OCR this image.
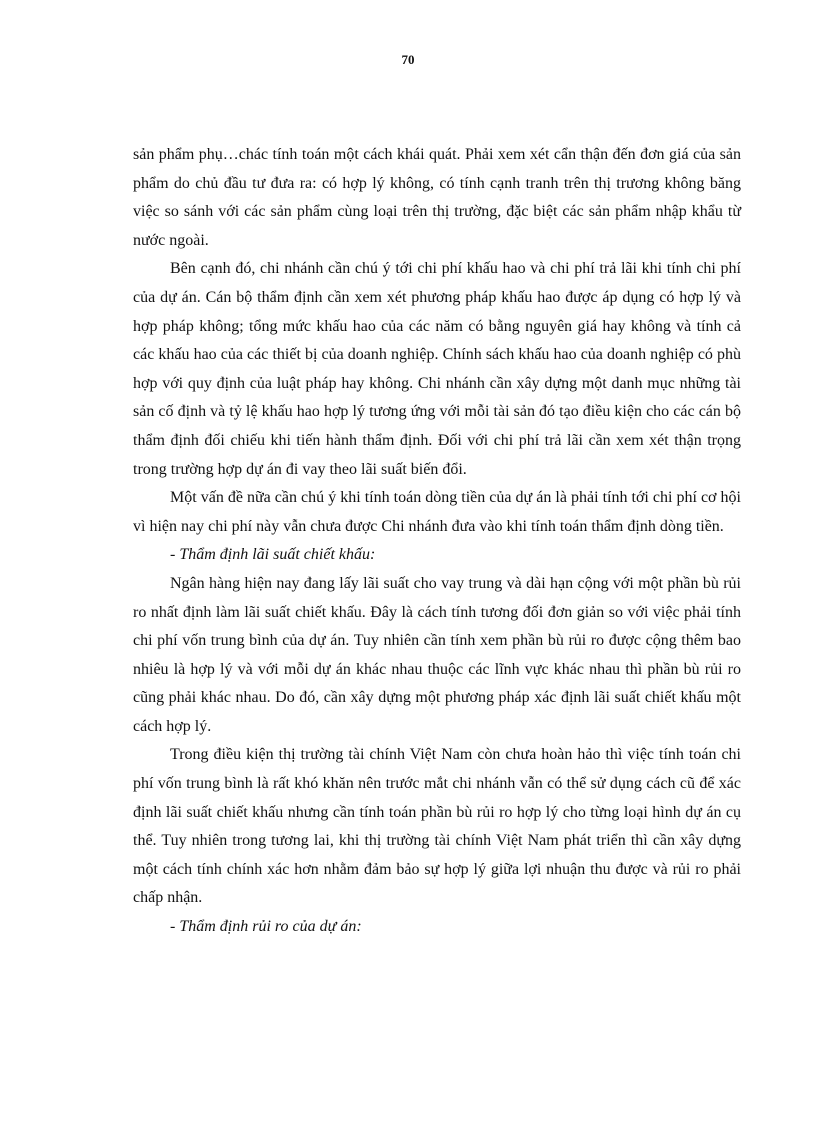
70

sản phẩm phụ…chác tính toán một cách khái quát. Phải xem xét cẩn thận đến đơn giá của sản phẩm do chủ đầu tư đưa ra: có hợp lý không, có tính cạnh tranh trên thị trương không băng việc so sánh với các sản phẩm cùng loại trên thị trường, đặc biệt các sản phẩm nhập khẩu từ nước ngoài.

Bên cạnh đó, chi nhánh cần chú ý tới chi phí khấu hao và chi phí trả lãi khi tính chi phí của dự án. Cán bộ thẩm định cần xem xét phương pháp khấu hao được áp dụng có hợp lý và hợp pháp không; tổng mức khấu hao của các năm có bằng nguyên giá hay không và tính cả các khấu hao của các thiết bị của doanh nghiệp. Chính sách khấu hao của doanh nghiệp có phù hợp với quy định của luật pháp hay không. Chi nhánh cần xây dựng một danh mục những tài sản cố định và tỷ lệ khấu hao hợp lý tương ứng với mỗi tài sản đó tạo điều kiện cho các cán bộ thẩm định đối chiếu khi tiến hành thẩm định. Đối với chi phí trả lãi cần xem xét thận trọng trong trường hợp dự án đi vay theo lãi suất biến đổi.

Một vấn đề nữa cần chú ý khi tính toán dòng tiền của dự án là phải tính tới chi phí cơ hội vì hiện nay chi phí này vẫn chưa được Chi nhánh đưa vào khi tính toán thẩm định dòng tiền.

- Thẩm định lãi suất chiết khấu:

Ngân hàng hiện nay đang lấy lãi suất cho vay trung và dài hạn cộng với một phần bù rủi ro nhất định làm lãi suất chiết khấu. Đây là cách tính tương đối đơn giản so với việc phải tính chi phí vốn trung bình của dự án. Tuy nhiên cần tính xem phần bù rủi ro được cộng thêm bao nhiêu là hợp lý và với mỗi dự án khác nhau thuộc các lĩnh vực khác nhau thì phần bù rủi ro cũng phải khác nhau. Do đó, cần xây dựng một phương pháp xác định lãi suất chiết khấu một cách hợp lý.

Trong điều kiện thị trường tài chính Việt Nam còn chưa hoàn hảo thì việc tính toán chi phí vốn trung bình là rất khó khăn nên trước mắt chi nhánh vẫn có thể sử dụng cách cũ để xác định lãi suất chiết khấu nhưng cần tính toán phần bù rủi ro hợp lý cho từng loại hình dự án cụ thể. Tuy nhiên trong tương lai, khi thị trường tài chính Việt Nam phát triển thì cần xây dựng một cách tính chính xác hơn nhằm đảm bảo sự hợp lý giữa lợi nhuận thu được và rủi ro phải chấp nhận.

- Thẩm định rủi ro của dự án:
